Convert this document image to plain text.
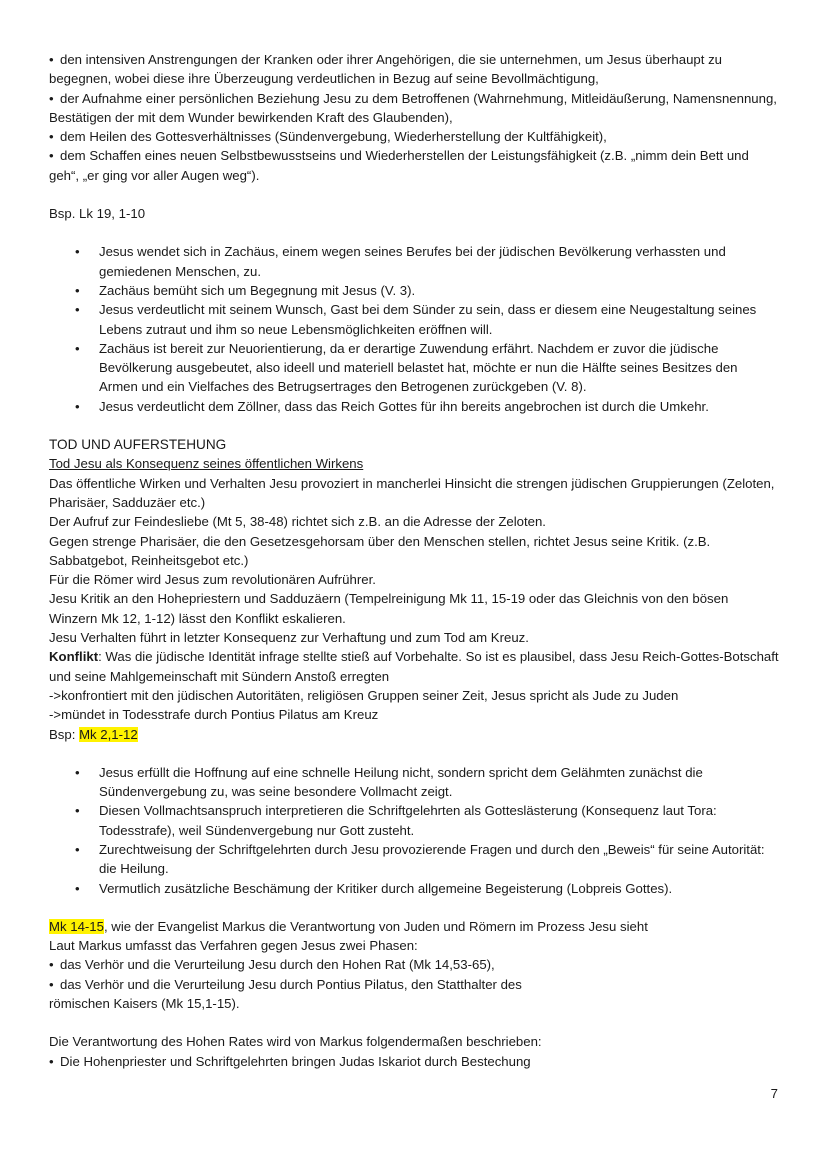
• den intensiven Anstrengungen der Kranken oder ihrer Angehörigen, die sie unternehmen, um Jesus überhaupt zu begegnen, wobei diese ihre Überzeugung verdeutlichen in Bezug auf seine Bevollmächtigung,

• der Aufnahme einer persönlichen Beziehung Jesu zu dem Betroffenen (Wahrnehmung, Mitleidäußerung, Namensnennung, Bestätigen der mit dem Wunder bewirkenden Kraft des Glaubenden),

• dem Heilen des Gottesverhältnisses (Sündenvergebung, Wiederherstellung der Kultfähigkeit),

• dem Schaffen eines neuen Selbstbewusstseins und Wiederherstellen der Leistungsfähigkeit (z.B. „nimm dein Bett und geh“, „er ging vor aller Augen weg“).

Bsp. Lk 19, 1-10

• Jesus wendet sich in Zachäus, einem wegen seines Berufes bei der jüdischen Bevölkerung verhassten und gemiedenen Menschen, zu.
• Zachäus bemüht sich um Begegnung mit Jesus (V. 3).
• Jesus verdeutlicht mit seinem Wunsch, Gast bei dem Sünder zu sein, dass er diesem eine Neugestaltung seines Lebens zutraut und ihm so neue Lebensmöglichkeiten eröffnen will.
• Zachäus ist bereit zur Neuorientierung, da er derartige Zuwendung erfährt. Nachdem er zuvor die jüdische Bevölkerung ausgebeutet, also ideell und materiell belastet hat, möchte er nun die Hälfte seines Besitzes den Armen und ein Vielfaches des Betrugsertrages den Betrogenen zurückgeben (V. 8).
• Jesus verdeutlicht dem Zöllner, dass das Reich Gottes für ihn bereits angebrochen ist durch die Umkehr.

TOD UND AUFERSTEHUNG

Tod Jesu als Konsequenz seines öffentlichen Wirkens

Das öffentliche Wirken und Verhalten Jesu provoziert in mancherlei Hinsicht die strengen jüdischen Gruppierungen (Zeloten, Pharisäer, Sadduzäer etc.)

Der Aufruf zur Feindesliebe (Mt 5, 38-48) richtet sich z.B. an die Adresse der Zeloten.

Gegen strenge Pharisäer, die den Gesetzesgehorsam über den Menschen stellen, richtet Jesus seine Kritik. (z.B. Sabbatgebot, Reinheitsgebot etc.)

Für die Römer wird Jesus zum revolutionären Aufrührer.

Jesu Kritik an den Hohepriestern und Sadduzäern (Tempelreinigung Mk 11, 15-19 oder das Gleichnis von den bösen Winzern Mk 12, 1-12) lässt den Konflikt eskalieren.

Jesu Verhalten führt in letzter Konsequenz zur Verhaftung und zum Tod am Kreuz.

Konflikt: Was die jüdische Identität infrage stellte stieß auf Vorbehalte. So ist es plausibel, dass Jesu Reich-Gottes-Botschaft und seine Mahlgemeinschaft mit Sündern Anstoß erregten

->konfrontiert mit den jüdischen Autoritäten, religiösen Gruppen seiner Zeit, Jesus spricht als Jude zu Juden

->mündet in Todesstrafe durch Pontius Pilatus am Kreuz

Bsp: Mk 2,1-12

• Jesus erfüllt die Hoffnung auf eine schnelle Heilung nicht, sondern spricht dem Gelähmten zunächst die Sündenvergebung zu, was seine besondere Vollmacht zeigt.
• Diesen Vollmachtsanspruch interpretieren die Schriftgelehrten als Gotteslästerung (Konsequenz laut Tora: Todesstrafe), weil Sündenvergebung nur Gott zusteht.
• Zurechtweisung der Schriftgelehrten durch Jesu provozierende Fragen und durch den „Beweis“ für seine Autorität: die Heilung.
• Vermutlich zusätzliche Beschämung der Kritiker durch allgemeine Begeisterung (Lobpreis Gottes).

Mk 14-15, wie der Evangelist Markus die Verantwortung von Juden und Römern im Prozess Jesu sieht

Laut Markus umfasst das Verfahren gegen Jesus zwei Phasen:

• das Verhör und die Verurteilung Jesu durch den Hohen Rat (Mk 14,53-65),

• das Verhör und die Verurteilung Jesu durch Pontius Pilatus, den Statthalter des römischen Kaisers (Mk 15,1-15).

Die Verantwortung des Hohen Rates wird von Markus folgendermaßen beschrieben:

• Die Hohenpriester und Schriftgelehrten bringen Judas Iskariot durch Bestechung

7
